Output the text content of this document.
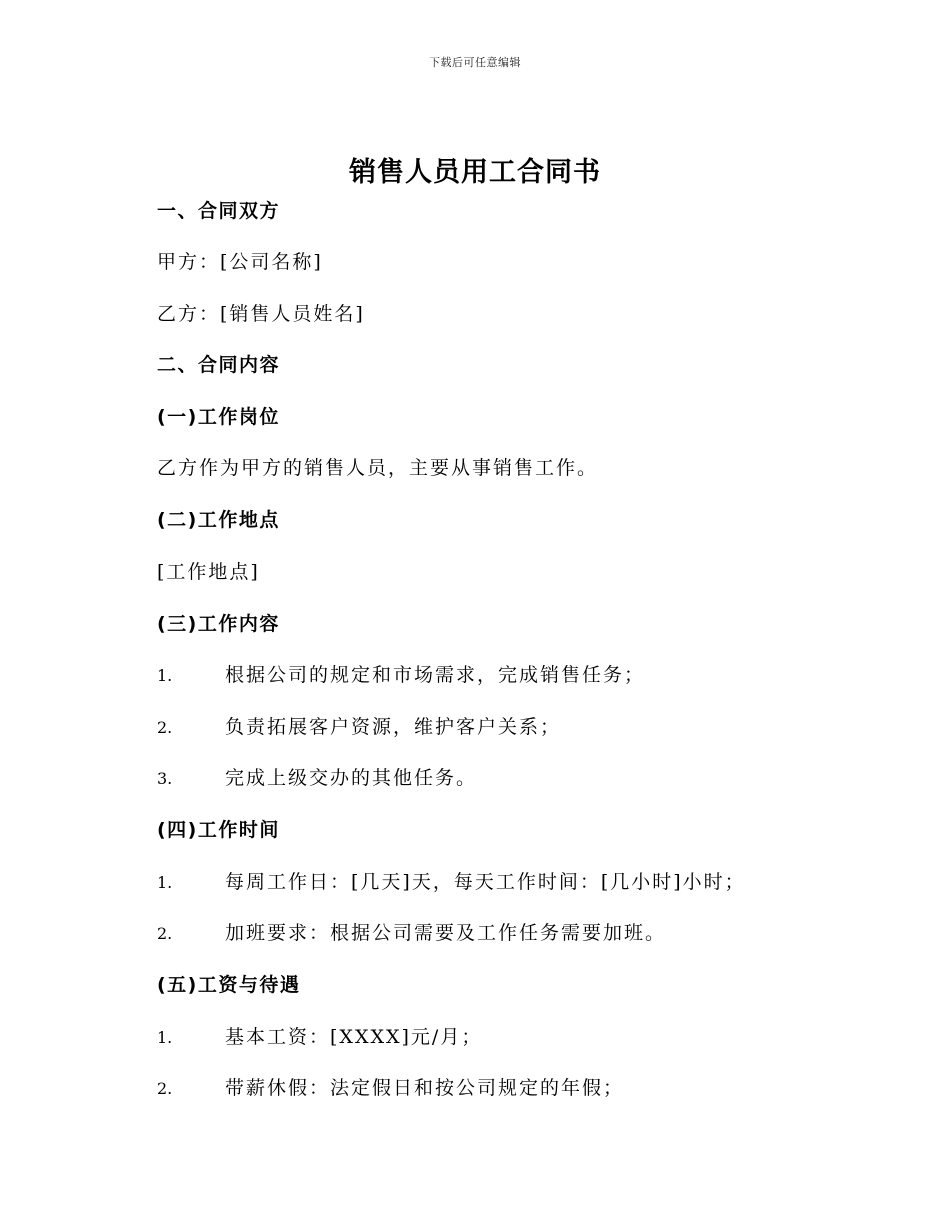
下载后可任意编辑
销售人员用工合同书
一、合同双方
甲方：[公司名称]
乙方：[销售人员姓名]
二、合同内容
(一)工作岗位
乙方作为甲方的销售人员，主要从事销售工作。
(二)工作地点
[工作地点]
(三)工作内容
1.	根据公司的规定和市场需求，完成销售任务；
2.	负责拓展客户资源，维护客户关系；
3.	完成上级交办的其他任务。
(四)工作时间
1.	每周工作日：[几天]天，每天工作时间：[几小时]小时；
2.	加班要求：根据公司需要及工作任务需要加班。
(五)工资与待遇
1.	基本工资：[XXXX]元/月；
2.	带薪休假：法定假日和按公司规定的年假；
